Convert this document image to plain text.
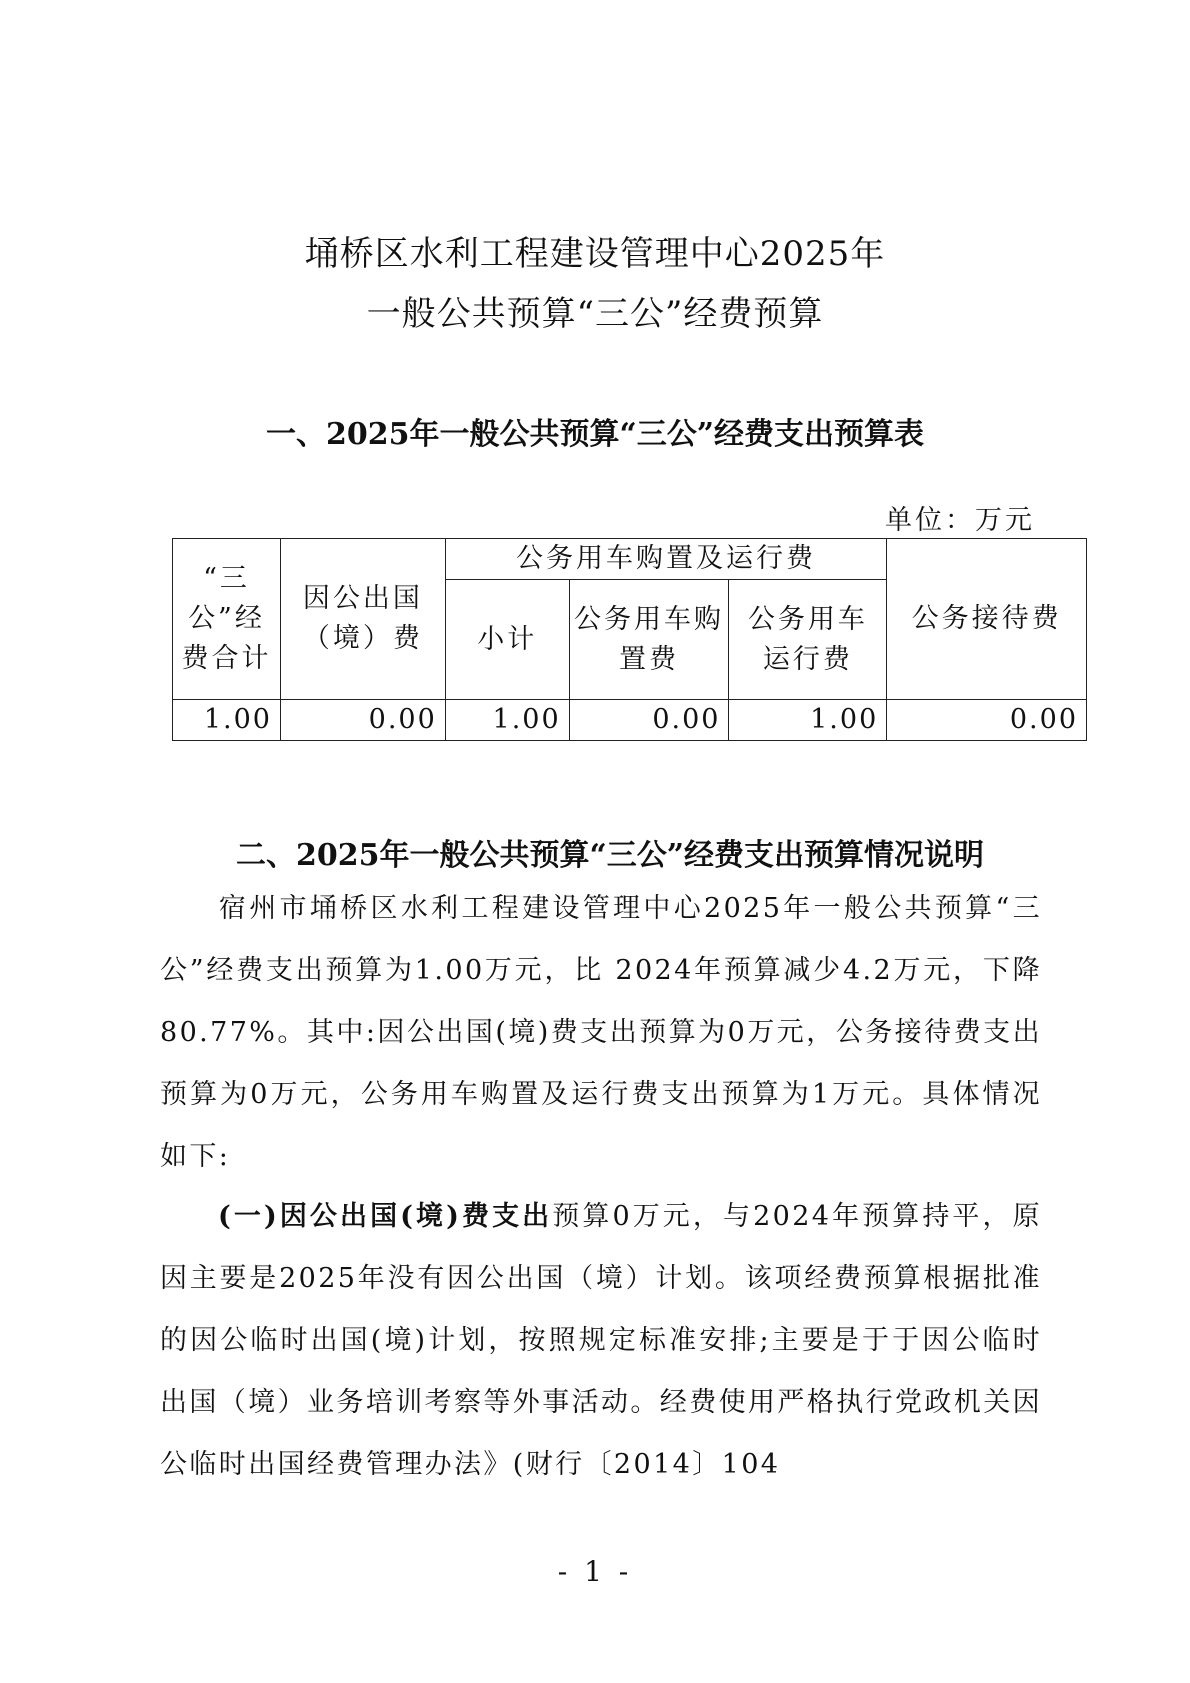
埇桥区水利工程建设管理中心2025年
一般公共预算“三公”经费预算
一、2025年一般公共预算“三公”经费支出预算表
单位：万元
“三公”经费合计	因公出国（境）费	公务用车购置及运行费			公务接待费
		小计	公务用车购置费	公务用车运行费	
1.00	0.00	1.00	0.00	1.00	0.00
二、2025年一般公共预算“三公”经费支出预算情况说明
宿州市埇桥区水利工程建设管理中心2025年一般公共预算“三公”经费支出预算为1.00万元，比 2024年预算减少4.2万元，下降80.77%。其中:因公出国(境)费支出预算为0万元，公务接待费支出预算为0万元，公务用车购置及运行费支出预算为1万元。具体情况如下:
(一)因公出国(境)费支出预算0万元，与2024年预算持平，原因主要是2025年没有因公出国（境）计划。该项经费预算根据批准的因公临时出国(境)计划，按照规定标准安排;主要是于于因公临时出国（境）业务培训考察等外事活动。经费使用严格执行党政机关因公临时出国经费管理办法》(财行〔2014〕104
- 1 -
